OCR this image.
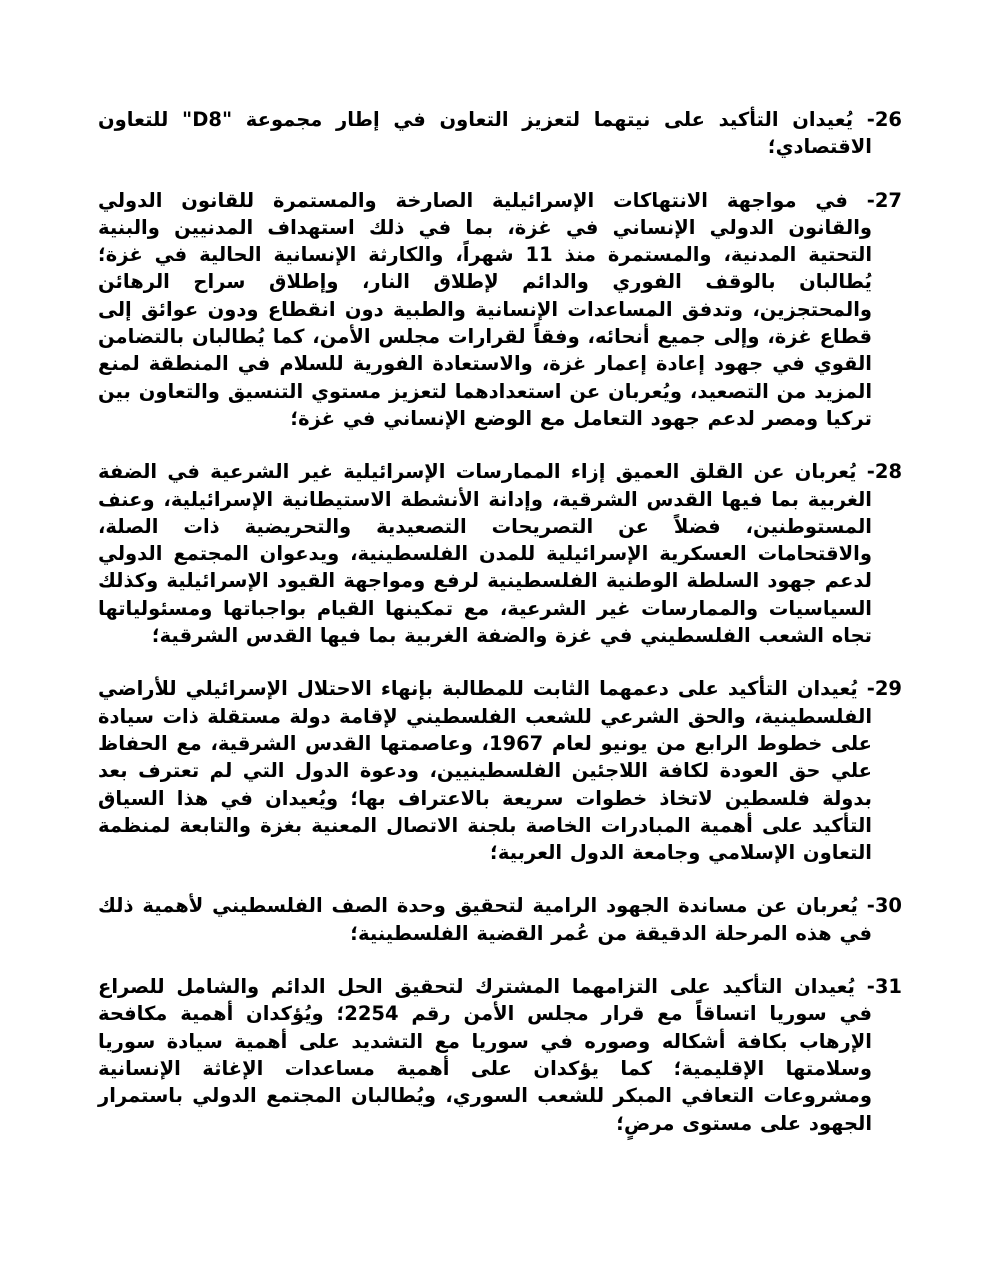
26- يُعيدان التأكيد على نيتهما لتعزيز التعاون في إطار مجموعة "D8" للتعاون الاقتصادي؛

27- في مواجهة الانتهاكات الإسرائيلية الصارخة والمستمرة للقانون الدولي والقانون الدولي الإنساني في غزة، بما في ذلك استهداف المدنيين والبنية التحتية المدنية، والمستمرة منذ 11 شهراً، والكارثة الإنسانية الحالية في غزة؛ يُطالبان بالوقف الفوري والدائم لإطلاق النار، وإطلاق سراح الرهائن والمحتجزين، وتدفق المساعدات الإنسانية والطبية دون انقطاع ودون عوائق إلى قطاع غزة، وإلى جميع أنحائه، وفقاً لقرارات مجلس الأمن، كما يُطالبان بالتضامن القوي في جهود إعادة إعمار غزة، والاستعادة الفورية للسلام في المنطقة لمنع المزيد من التصعيد، ويُعربان عن استعدادهما لتعزيز مستوي التنسيق والتعاون بين تركيا ومصر لدعم جهود التعامل مع الوضع الإنساني في غزة؛

28- يُعربان عن القلق العميق إزاء الممارسات الإسرائيلية غير الشرعية في الضفة الغربية بما فيها القدس الشرقية، وإدانة الأنشطة الاستيطانية الإسرائيلية، وعنف المستوطنين، فضلاً عن التصريحات التصعيدية والتحريضية ذات الصلة، والاقتحامات العسكرية الإسرائيلية للمدن الفلسطينية، ويدعوان المجتمع الدولي لدعم جهود السلطة الوطنية الفلسطينية لرفع ومواجهة القيود الإسرائيلية وكذلك السياسيات والممارسات غير الشرعية، مع تمكينها القيام بواجباتها ومسئولياتها تجاه الشعب الفلسطيني في غزة والضفة الغربية بما فيها القدس الشرقية؛

29- يُعيدان التأكيد على دعمهما الثابت للمطالبة بإنهاء الاحتلال الإسرائيلي للأراضي الفلسطينية، والحق الشرعي للشعب الفلسطيني لإقامة دولة مستقلة ذات سيادة على خطوط الرابع من يونيو لعام 1967، وعاصمتها القدس الشرقية، مع الحفاظ علي حق العودة لكافة اللاجئين الفلسطينيين، ودعوة الدول التي لم تعترف بعد بدولة فلسطين لاتخاذ خطوات سريعة بالاعتراف بها؛ ويُعيدان في هذا السياق التأكيد على أهمية المبادرات الخاصة بلجنة الاتصال المعنية بغزة والتابعة لمنظمة التعاون الإسلامي وجامعة الدول العربية؛

30- يُعربان عن مساندة الجهود الرامية لتحقيق وحدة الصف الفلسطيني لأهمية ذلك في هذه المرحلة الدقيقة من عُمر القضية الفلسطينية؛

31- يُعيدان التأكيد على التزامهما المشترك لتحقيق الحل الدائم والشامل للصراع في سوريا اتساقاً مع قرار مجلس الأمن رقم 2254؛ ويُؤكدان أهمية مكافحة الإرهاب بكافة أشكاله وصوره في سوريا مع التشديد على أهمية سيادة سوريا وسلامتها الإقليمية؛ كما يؤكدان على أهمية مساعدات الإغاثة الإنسانية ومشروعات التعافي المبكر للشعب السوري، ويُطالبان المجتمع الدولي باستمرار الجهود على مستوى مرضٍ؛
